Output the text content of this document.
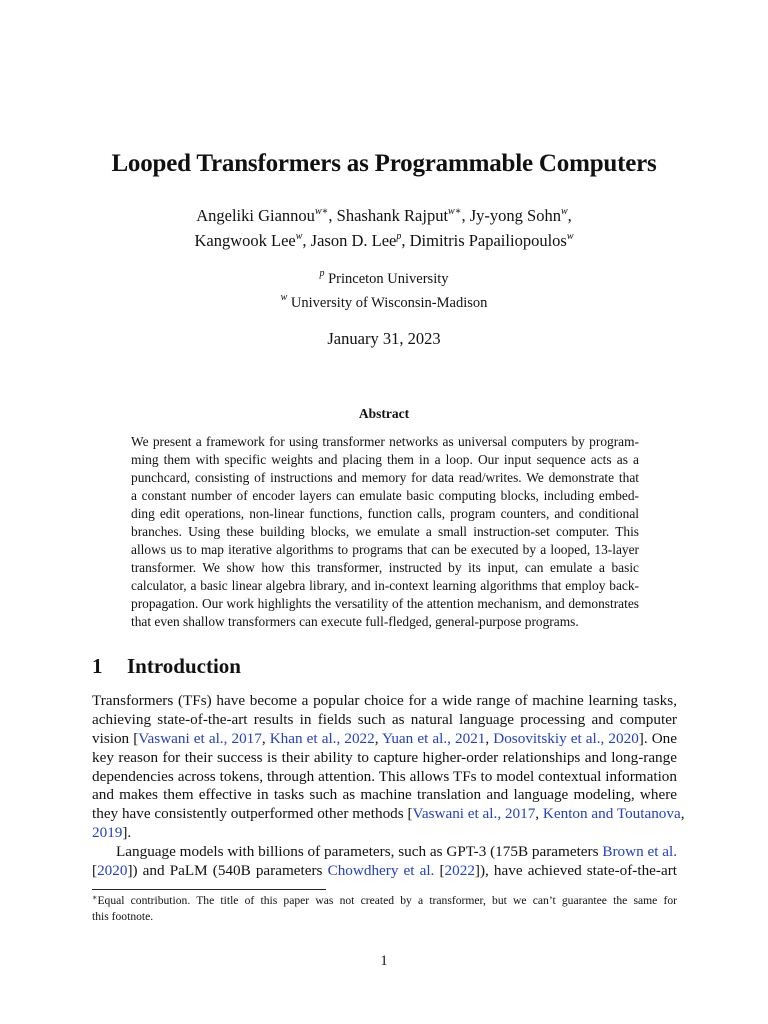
Looped Transformers as Programmable Computers
Angeliki Giannou$^{w∗}$, Shashank Rajput$^{w∗}$, Jy-yong Sohn$^w$,
Kangwook Lee$^w$, Jason D. Lee$^p$, Dimitris Papailiopoulos$^w$
$^p$ Princeton University
$^w$ University of Wisconsin-Madison
January 31, 2023
Abstract
We present a framework for using transformer networks as universal computers by program-
ming them with specific weights and placing them in a loop. Our input sequence acts as a
punchcard, consisting of instructions and memory for data read/writes. We demonstrate that
a constant number of encoder layers can emulate basic computing blocks, including embed-
ding edit operations, non-linear functions, function calls, program counters, and conditional
branches. Using these building blocks, we emulate a small instruction-set computer. This
allows us to map iterative algorithms to programs that can be executed by a looped, 13-layer
transformer. We show how this transformer, instructed by its input, can emulate a basic
calculator, a basic linear algebra library, and in-context learning algorithms that employ back-
propagation. Our work highlights the versatility of the attention mechanism, and demonstrates
that even shallow transformers can execute full-fledged, general-purpose programs.
1 Introduction
Transformers (TFs) have become a popular choice for a wide range of machine learning tasks,
achieving state-of-the-art results in fields such as natural language processing and computer
vision [Vaswani et al., 2017, Khan et al., 2022, Yuan et al., 2021, Dosovitskiy et al., 2020]. One
key reason for their success is their ability to capture higher-order relationships and long-range
dependencies across tokens, through attention. This allows TFs to model contextual information
and makes them effective in tasks such as machine translation and language modeling, where
they have consistently outperformed other methods [Vaswani et al., 2017, Kenton and Toutanova,
2019].
Language models with billions of parameters, such as GPT-3 (175B parameters Brown et al.
[2020]) and PaLM (540B parameters Chowdhery et al. [2022]), have achieved state-of-the-art
∗Equal contribution. The title of this paper was not created by a transformer, but we can’t guarantee the same for
this footnote.
1
